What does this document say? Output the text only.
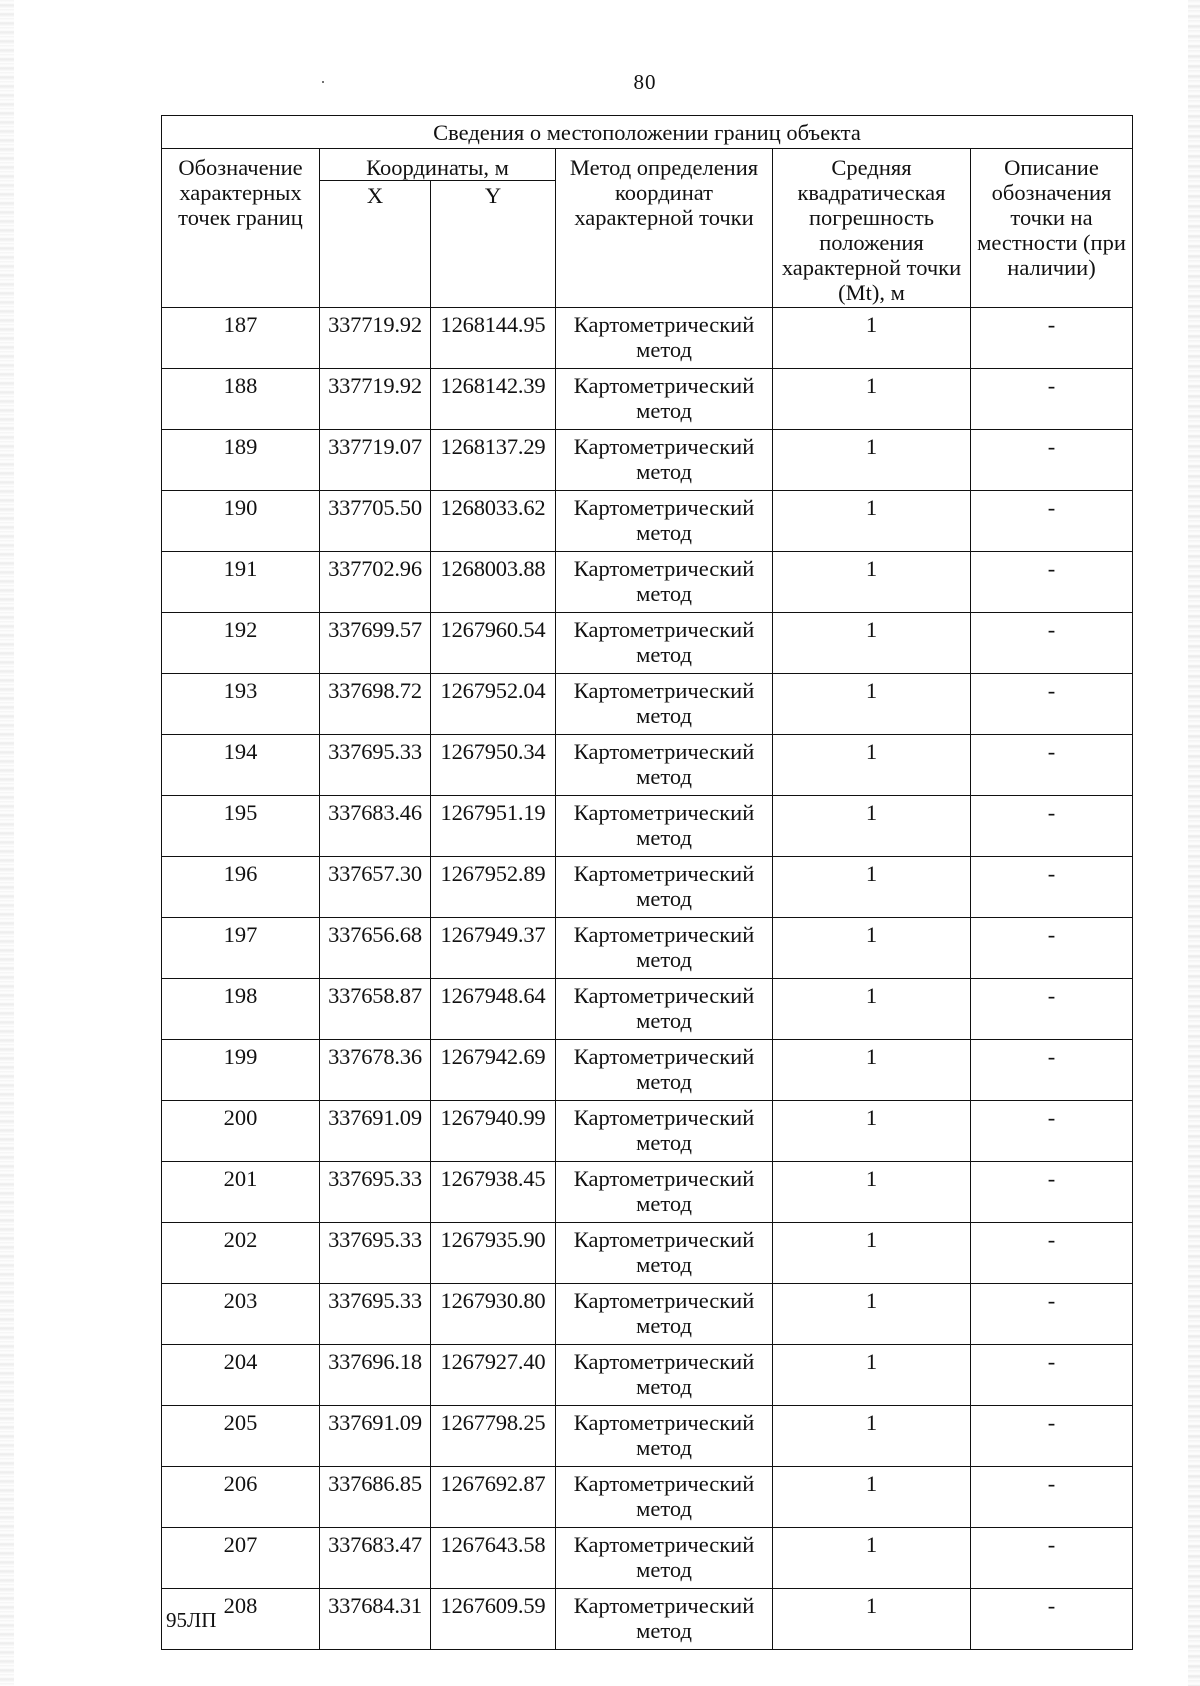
80
Сведения о местоположении границ объекта					
Обозначение характерных точек границ	Координаты, м		Метод определения координат характерной точки	Средняя квадратическая погрешность положения характерной точки (Mt), м	Описание обозначения точки на местности (при наличии)
	X	Y			
187	337719.92	1268144.95	Картометрический метод	1	-
188	337719.92	1268142.39	Картометрический метод	1	-
189	337719.07	1268137.29	Картометрический метод	1	-
190	337705.50	1268033.62	Картометрический метод	1	-
191	337702.96	1268003.88	Картометрический метод	1	-
192	337699.57	1267960.54	Картометрический метод	1	-
193	337698.72	1267952.04	Картометрический метод	1	-
194	337695.33	1267950.34	Картометрический метод	1	-
195	337683.46	1267951.19	Картометрический метод	1	-
196	337657.30	1267952.89	Картометрический метод	1	-
197	337656.68	1267949.37	Картометрический метод	1	-
198	337658.87	1267948.64	Картометрический метод	1	-
199	337678.36	1267942.69	Картометрический метод	1	-
200	337691.09	1267940.99	Картометрический метод	1	-
201	337695.33	1267938.45	Картометрический метод	1	-
202	337695.33	1267935.90	Картометрический метод	1	-
203	337695.33	1267930.80	Картометрический метод	1	-
204	337696.18	1267927.40	Картометрический метод	1	-
205	337691.09	1267798.25	Картометрический метод	1	-
206	337686.85	1267692.87	Картометрический метод	1	-
207	337683.47	1267643.58	Картометрический метод	1	-
208	337684.31	1267609.59	Картометрический метод	1	-
95ЛП
